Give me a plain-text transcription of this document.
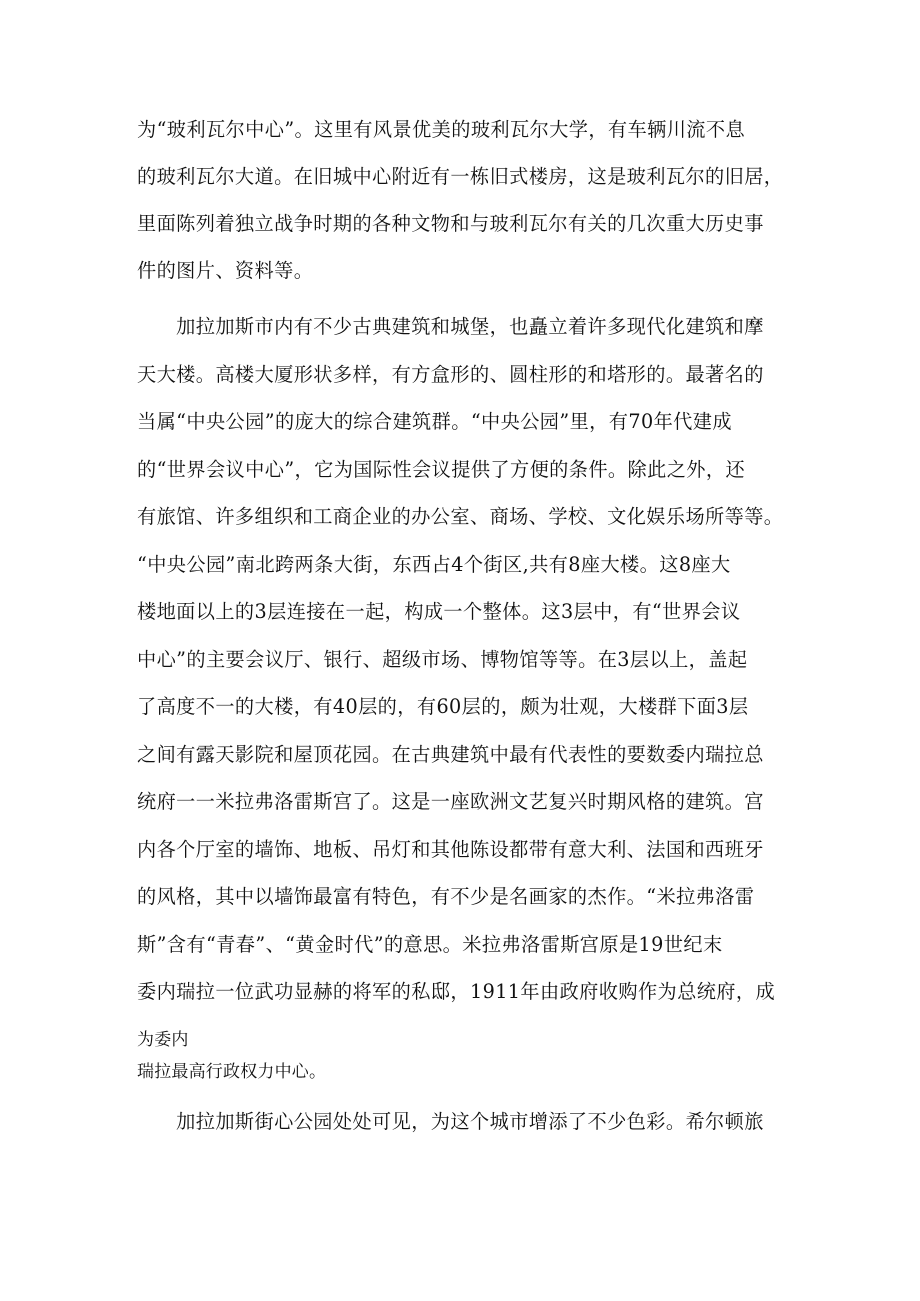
为“玻利瓦尔中心”。这里有风景优美的玻利瓦尔大学，有车辆川流不息
的玻利瓦尔大道。在旧城中心附近有一栋旧式楼房，这是玻利瓦尔的旧居，
里面陈列着独立战争时期的各种文物和与玻利瓦尔有关的几次重大历史事
件的图片、资料等。
　　加拉加斯市内有不少古典建筑和城堡，也矗立着许多现代化建筑和摩
天大楼。高楼大厦形状多样，有方盒形的、圆柱形的和塔形的。最著名的
当属“中央公园”的庞大的综合建筑群。“中央公园”里，有70年代建成
的“世界会议中心”，它为国际性会议提供了方便的条件。除此之外，还
有旅馆、许多组织和工商企业的办公室、商场、学校、文化娱乐场所等等。
“中央公园”南北跨两条大街，东西占4个街区,共有8座大楼。这8座大
楼地面以上的3层连接在一起，构成一个整体。这3层中，有“世界会议
中心”的主要会议厅、银行、超级市场、博物馆等等。在3层以上，盖起
了高度不一的大楼，有40层的，有60层的，颇为壮观，大楼群下面3层
之间有露天影院和屋顶花园。在古典建筑中最有代表性的要数委内瑞拉总
统府一一米拉弗洛雷斯宫了。这是一座欧洲文艺复兴时期风格的建筑。宫
内各个厅室的墙饰、地板、吊灯和其他陈设都带有意大利、法国和西班牙
的风格，其中以墙饰最富有特色，有不少是名画家的杰作。“米拉弗洛雷
斯”含有“青春”、“黄金时代”的意思。米拉弗洛雷斯宫原是19世纪末
委内瑞拉一位武功显赫的将军的私邸，1911年由政府收购作为总统府，成
为委内
瑞拉最高行政权力中心。
　　加拉加斯街心公园处处可见，为这个城市增添了不少色彩。希尔顿旅
